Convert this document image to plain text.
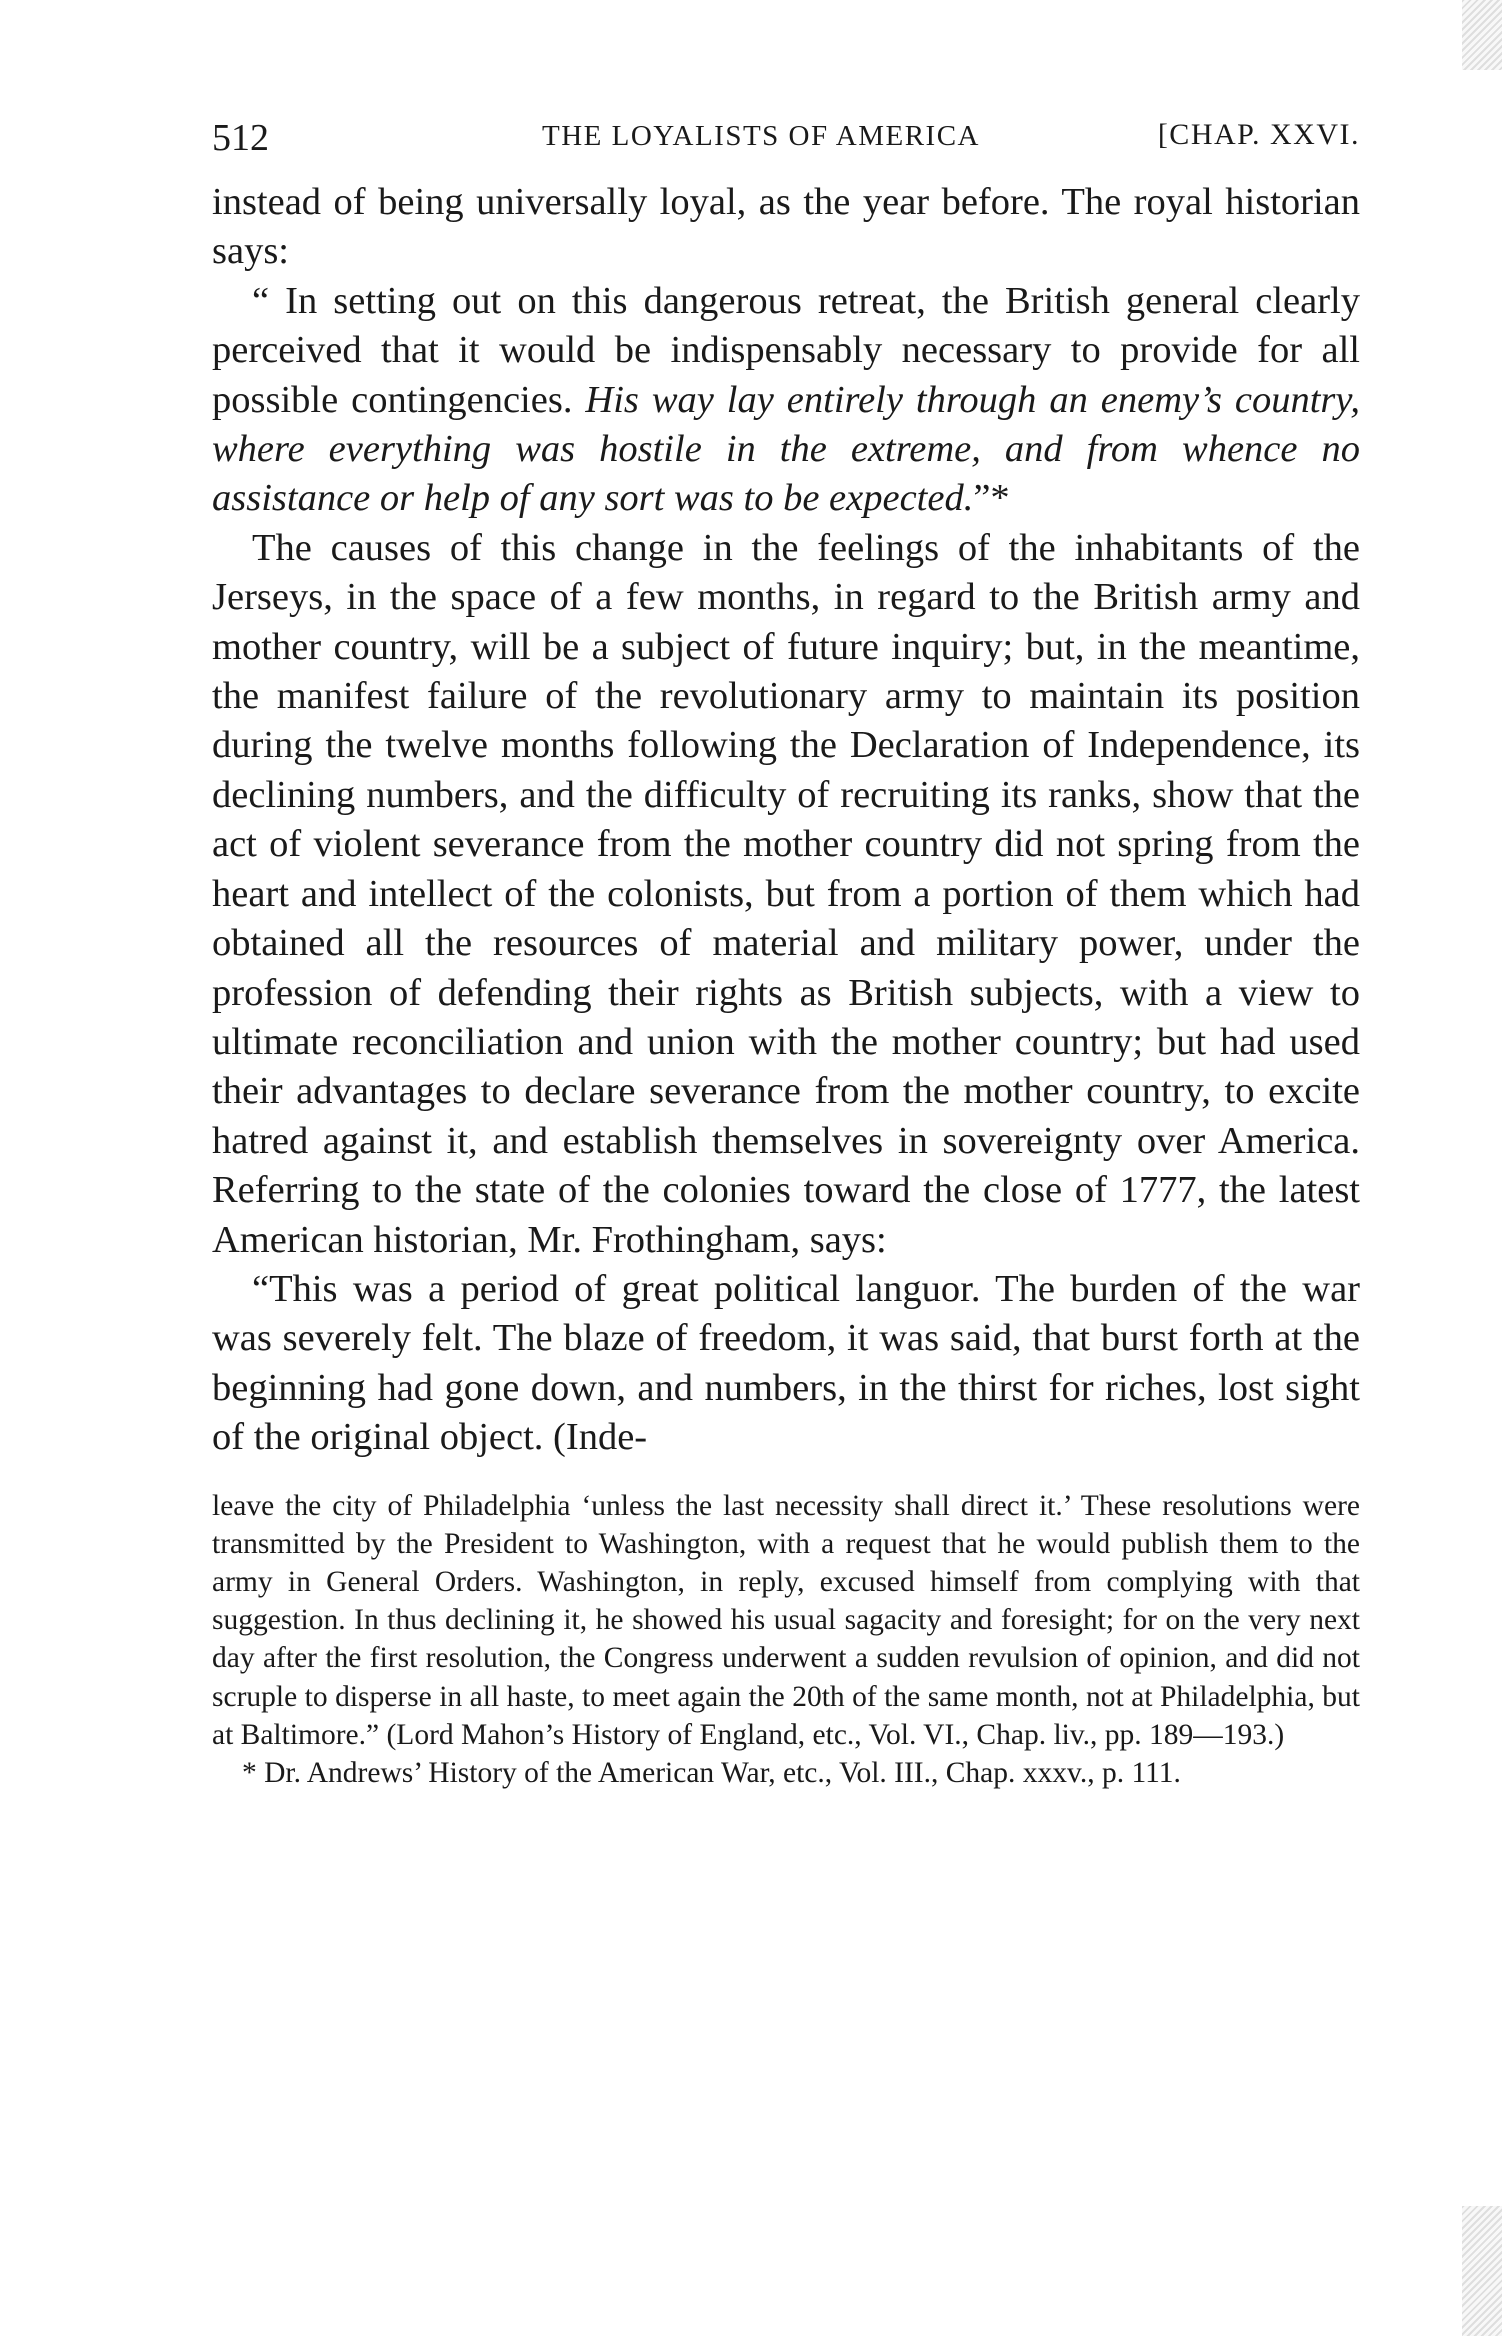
512	THE LOYALISTS OF AMERICA	[CHAP. XXVI.

instead of being universally loyal, as the year before. The royal historian says:

“ In setting out on this dangerous retreat, the British general clearly perceived that it would be indispensably necessary to provide for all possible contingencies. His way lay entirely through an enemy’s country, where everything was hostile in the extreme, and from whence no assistance or help of any sort was to be expected.”*

The causes of this change in the feelings of the inhabitants of the Jerseys, in the space of a few months, in regard to the British army and mother country, will be a subject of future inquiry; but, in the meantime, the manifest failure of the revolutionary army to maintain its position during the twelve months following the Declaration of Independence, its declining numbers, and the difficulty of recruiting its ranks, show that the act of violent severance from the mother country did not spring from the heart and intellect of the colonists, but from a portion of them which had obtained all the resources of material and military power, under the profession of defending their rights as British subjects, with a view to ultimate reconciliation and union with the mother country; but had used their advantages to declare severance from the mother country, to excite hatred against it, and establish themselves in sovereignty over America. Referring to the state of the colonies toward the close of 1777, the latest American historian, Mr. Frothingham, says:

“This was a period of great political languor. The burden of the war was severely felt. The blaze of freedom, it was said, that burst forth at the beginning had gone down, and numbers, in the thirst for riches, lost sight of the original object. (Inde-

leave the city of Philadelphia ‘unless the last necessity shall direct it.’ These resolutions were transmitted by the President to Washington, with a request that he would publish them to the army in General Orders. Washington, in reply, excused himself from complying with that suggestion. In thus declining it, he showed his usual sagacity and foresight; for on the very next day after the first resolution, the Congress underwent a sudden revulsion of opinion, and did not scruple to disperse in all haste, to meet again the 20th of the same month, not at Philadelphia, but at Baltimore.” (Lord Mahon’s History of England, etc., Vol. VI., Chap. liv., pp. 189—193.)

* Dr. Andrews’ History of the American War, etc., Vol. III., Chap. xxxv., p. 111.
